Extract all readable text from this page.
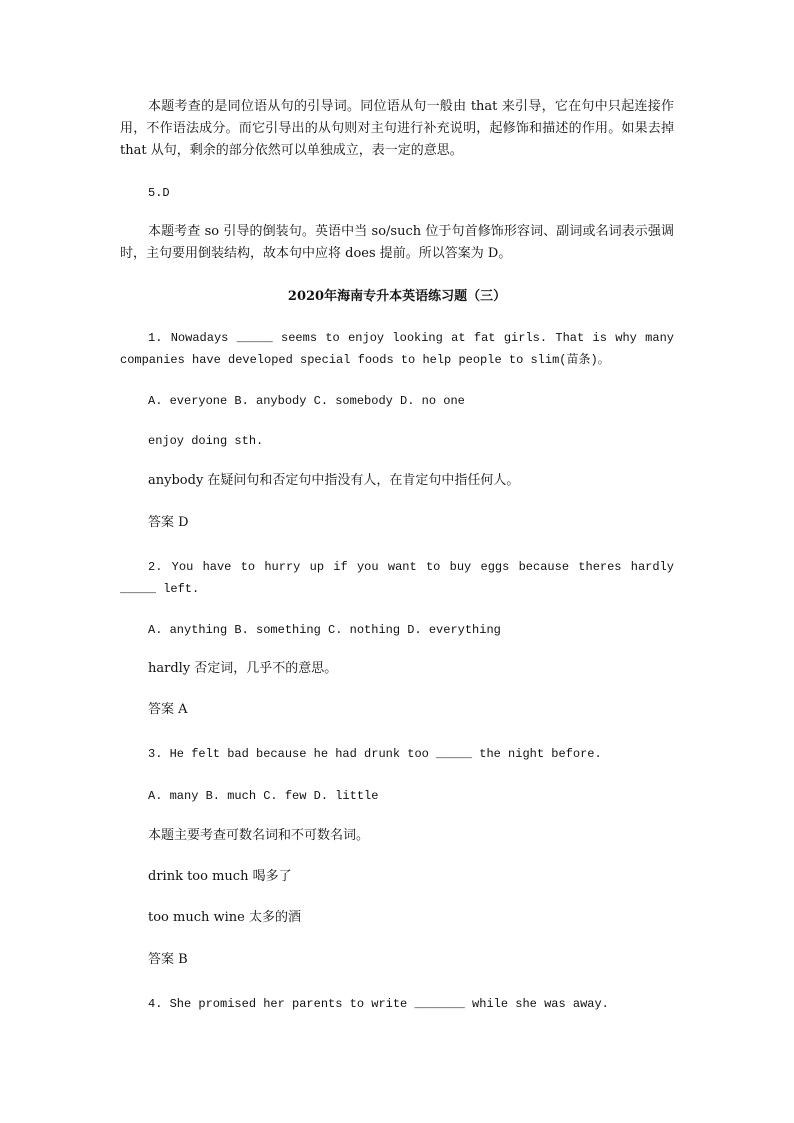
本题考查的是同位语从句的引导词。同位语从句一般由 that 来引导，它在句中只起连接作用，不作语法成分。而它引导出的从句则对主句进行补充说明，起修饰和描述的作用。如果去掉 that 从句，剩余的部分依然可以单独成立，表一定的意思。
5.D
本题考查 so 引导的倒装句。英语中当 so/such 位于句首修饰形容词、副词或名词表示强调时，主句要用倒装结构，故本句中应将 does 提前。所以答案为 D。
2020年海南专升本英语练习题（三）
1. Nowadays _____ seems to enjoy looking at fat girls. That is why many companies have developed special foods to help people to slim(苗条)。
A. everyone B. anybody C. somebody D. no one
enjoy doing sth.
anybody 在疑问句和否定句中指没有人，在肯定句中指任何人。
答案 D
2. You have to hurry up if you want to buy eggs because theres hardly _____ left.
A. anything B. something C. nothing D. everything
hardly 否定词，几乎不的意思。
答案 A
3. He felt bad because he had drunk too _____ the night before.
A. many B. much C. few D. little
本题主要考查可数名词和不可数名词。
drink too much 喝多了
too much wine 太多的酒
答案 B
4. She promised her parents to write _______ while she was away.
